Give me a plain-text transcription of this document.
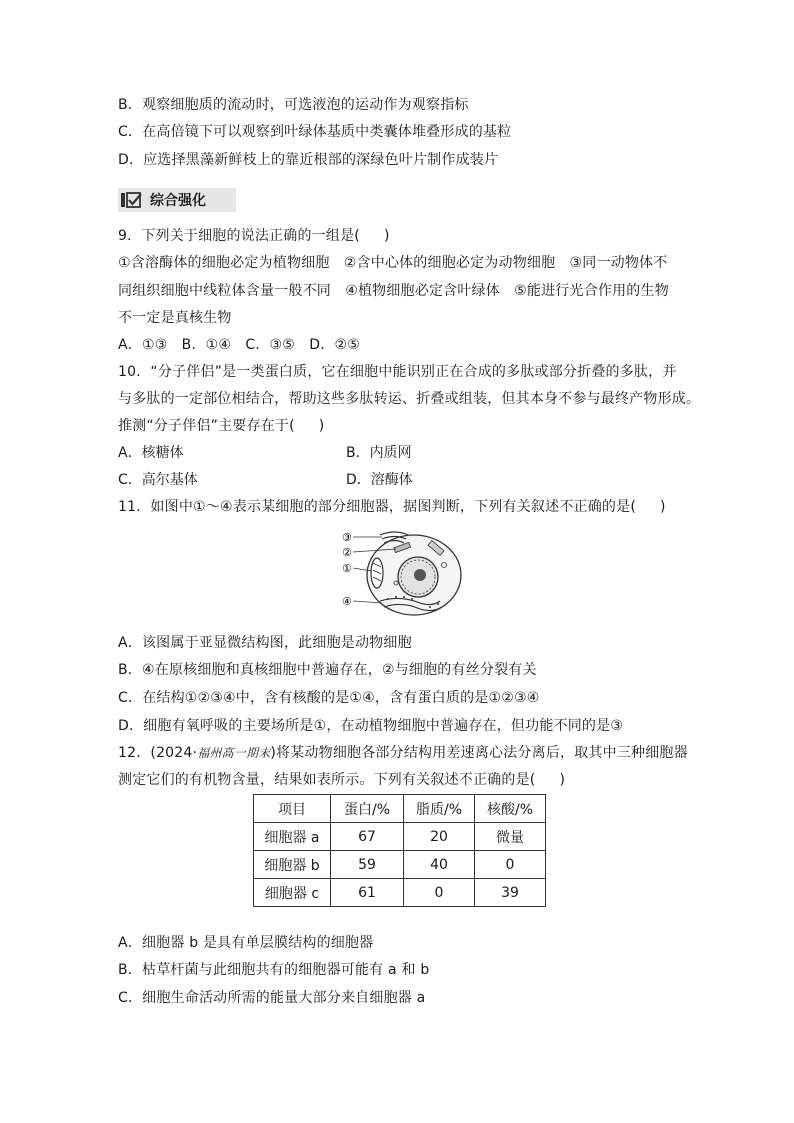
B．观察细胞质的流动时，可选液泡的运动作为观察指标
C．在高倍镜下可以观察到叶绿体基质中类囊体堆叠形成的基粒
D．应选择黑藻新鲜枝上的靠近根部的深绿色叶片制作成装片
综合强化
9．下列关于细胞的说法正确的一组是( )
①含溶酶体的细胞必定为植物细胞　②含中心体的细胞必定为动物细胞　③同一动物体不
同组织细胞中线粒体含量一般不同　④植物细胞必定含叶绿体　⑤能进行光合作用的生物
不一定是真核生物
A．①③　B．①④　C．③⑤　D．②⑤
10．“分子伴侣”是一类蛋白质，它在细胞中能识别正在合成的多肽或部分折叠的多肽，并
与多肽的一定部位相结合，帮助这些多肽转运、折叠或组装，但其本身不参与最终产物形成。
推测“分子伴侣”主要存在于( )
A．核糖体	B．内质网
C．高尔基体	D．溶酶体
11．如图中①～④表示某细胞的部分细胞器，据图判断，下列有关叙述不正确的是( )
③
②
①
④
A．该图属于亚显微结构图，此细胞是动物细胞
B．④在原核细胞和真核细胞中普遍存在，②与细胞的有丝分裂有关
C．在结构①②③④中，含有核酸的是①④，含有蛋白质的是①②③④
D．细胞有氧呼吸的主要场所是①，在动植物细胞中普遍存在，但功能不同的是③
12．(2024·福州高一期末)将某动物细胞各部分结构用差速离心法分离后，取其中三种细胞器
测定它们的有机物含量，结果如表所示。下列有关叙述不正确的是( )
项目	蛋白/%	脂质/%	核酸/%
细胞器 a	67	20	微量
细胞器 b	59	40	0
细胞器 c	61	0	39
A．细胞器 b 是具有单层膜结构的细胞器
B．枯草杆菌与此细胞共有的细胞器可能有 a 和 b
C．细胞生命活动所需的能量大部分来自细胞器 a
